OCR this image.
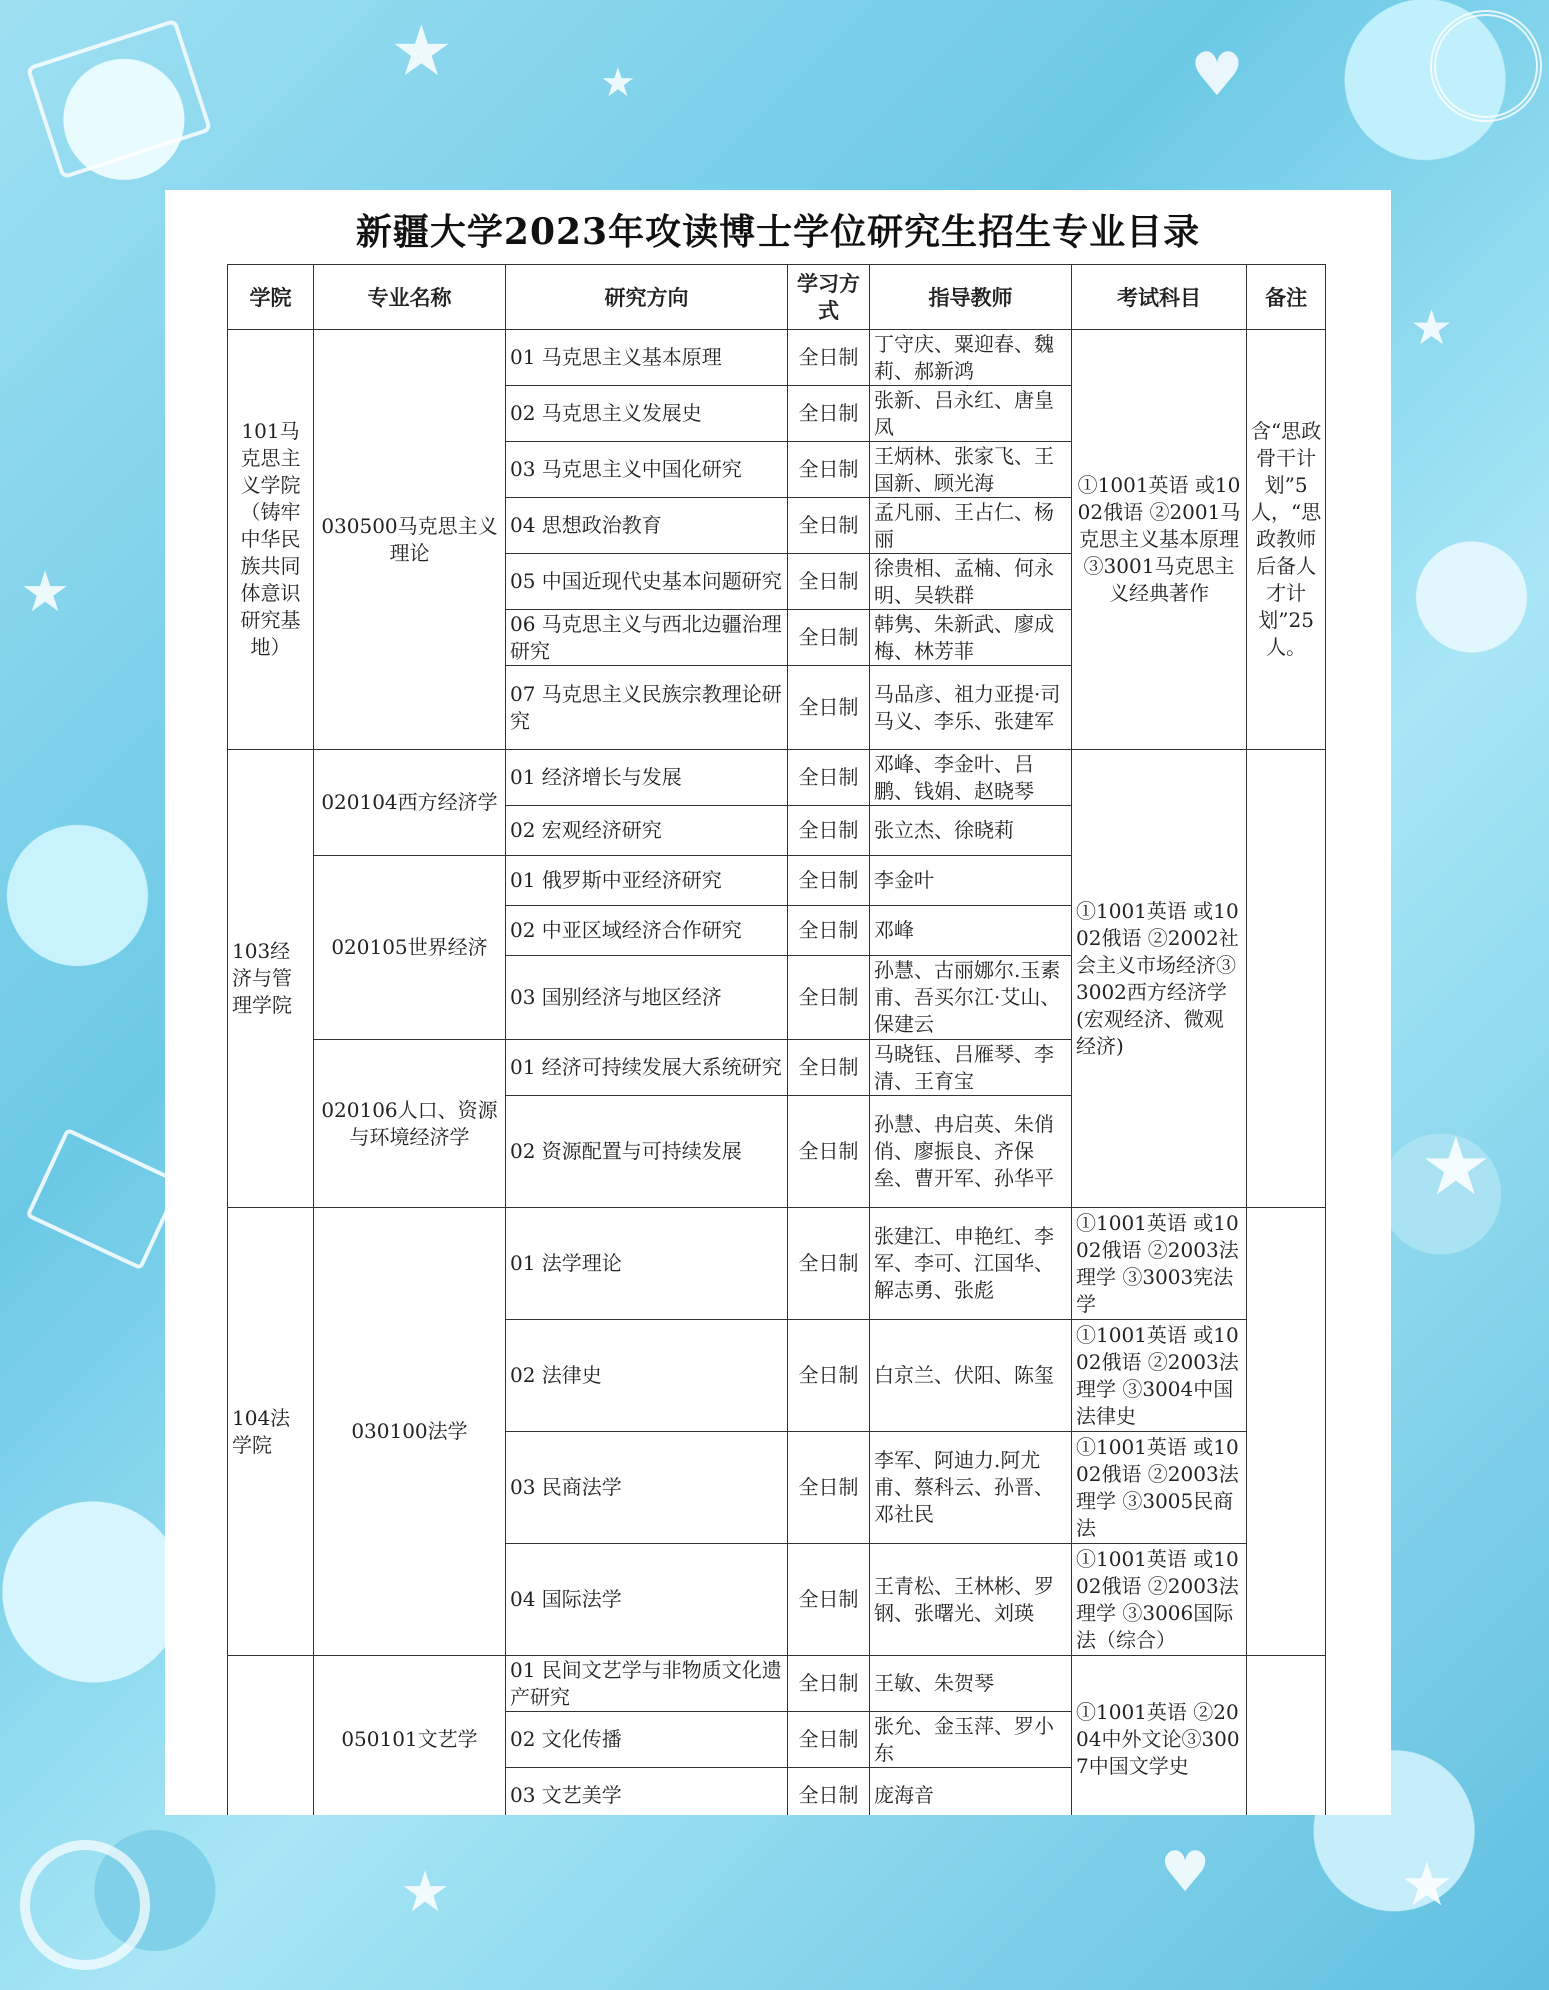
★	★	♥
★
★
★
★	★
♥
新疆大学2023年攻读博士学位研究生招生专业目录
学院	专业名称	研究方向	学习方式	指导教师	考试科目	备注
101马克思主义学院（铸牢中华民族共同体意识研究基地）	030500马克思主义理论	01 马克思主义基本原理	全日制	丁守庆、粟迎春、魏莉、郝新鸿	①1001英语 或1002俄语 ②2001马克思主义基本原理③3001马克思主义经典著作	含“思政骨干计划”5人，“思政教师后备人才计划”25人。
		02 马克思主义发展史	全日制	张新、吕永红、唐皇凤		
		03 马克思主义中国化研究	全日制	王炳林、张家飞、王国新、顾光海		
		04 思想政治教育	全日制	孟凡丽、王占仁、杨丽		
		05 中国近现代史基本问题研究	全日制	徐贵相、孟楠、何永明、吴轶群		
		06 马克思主义与西北边疆治理研究	全日制	韩隽、朱新武、廖成梅、林芳菲		
		07 马克思主义民族宗教理论研究	全日制	马品彦、祖力亚提·司马义、李乐、张建军		
103经济与管理学院	020104西方经济学	01 经济增长与发展	全日制	邓峰、李金叶、吕鹏、钱娟、赵晓琴	①1001英语 或1002俄语 ②2002社会主义市场经济③3002西方经济学(宏观经济、微观经济)	
		02 宏观经济研究	全日制	张立杰、徐晓莉		
	020105世界经济	01 俄罗斯中亚经济研究	全日制	李金叶		
		02 中亚区域经济合作研究	全日制	邓峰		
		03 国别经济与地区经济	全日制	孙慧、古丽娜尔.玉素甫、吾买尔江·艾山、保建云		
	020106人口、资源与环境经济学	01 经济可持续发展大系统研究	全日制	马晓钰、吕雁琴、李清、王育宝		
		02 资源配置与可持续发展	全日制	孙慧、冉启英、朱俏俏、廖振良、齐保垒、曹开军、孙华平		
104法学院	030100法学	01 法学理论	全日制	张建江、申艳红、李军、李可、江国华、解志勇、张彪	①1001英语 或1002俄语 ②2003法理学 ③3003宪法学	
		02 法律史	全日制	白京兰、伏阳、陈玺	①1001英语 或1002俄语 ②2003法理学 ③3004中国法律史	
		03 民商法学	全日制	李军、阿迪力.阿尤甫、蔡科云、孙晋、邓社民	①1001英语 或1002俄语 ②2003法理学 ③3005民商法	
		04 国际法学	全日制	王青松、王林彬、罗钢、张曙光、刘瑛	①1001英语 或1002俄语 ②2003法理学 ③3006国际法（综合）	
	050101文艺学	01 民间文艺学与非物质文化遗产研究	全日制	王敏、朱贺琴	①1001英语 ②2004中外文论③3007中国文学史	
		02 文化传播	全日制	张允、金玉萍、罗小东		
		03 文艺美学	全日制	庞海音		
